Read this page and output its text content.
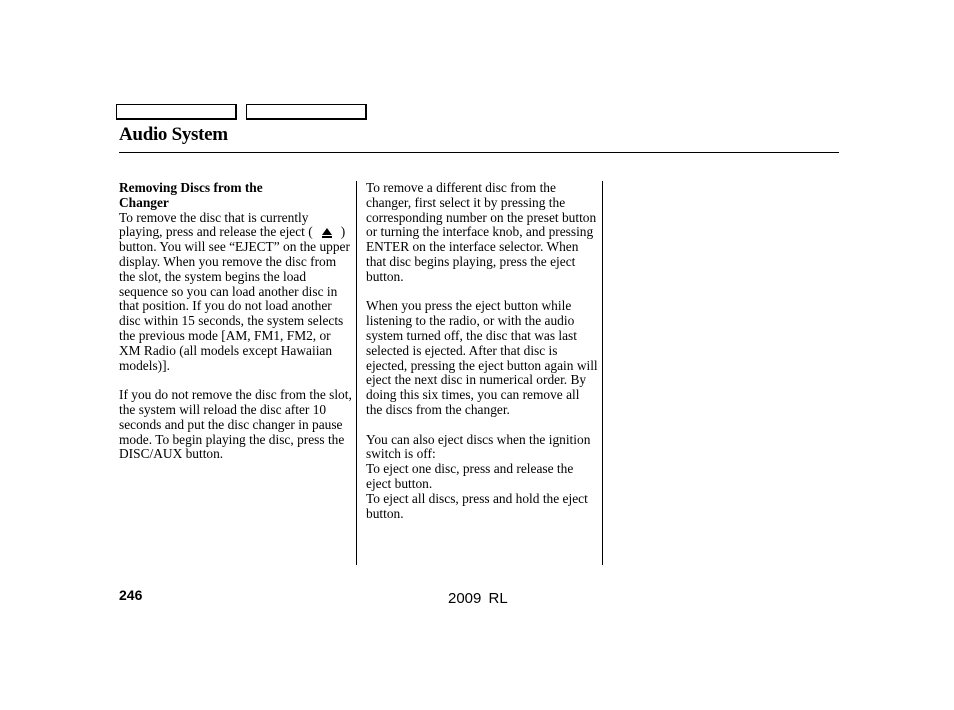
Audio System
Removing Discs from the
Changer

To remove the disc that is currently playing, press and release the eject ( ) button. You will see “EJECT” on the upper display. When you remove the disc from the slot, the system begins the load sequence so you can load another disc in that position. If you do not load another disc within 15 seconds, the system selects the previous mode [AM, FM1, FM2, or XM Radio (all models except Hawaiian models)].

If you do not remove the disc from the slot, the system will reload the disc after 10 seconds and put the disc changer in pause mode. To begin playing the disc, press the DISC/AUX button.

To remove a different disc from the changer, first select it by pressing the corresponding number on the preset button or turning the interface knob, and pressing ENTER on the interface selector. When that disc begins playing, press the eject button.

When you press the eject button while listening to the radio, or with the audio system turned off, the disc that was last selected is ejected. After that disc is ejected, pressing the eject button again will eject the next disc in numerical order. By doing this six times, you can remove all the discs from the changer.

You can also eject discs when the ignition switch is off:

To eject one disc, press and release the eject button.

To eject all discs, press and hold the eject button.

246	2009 RL
